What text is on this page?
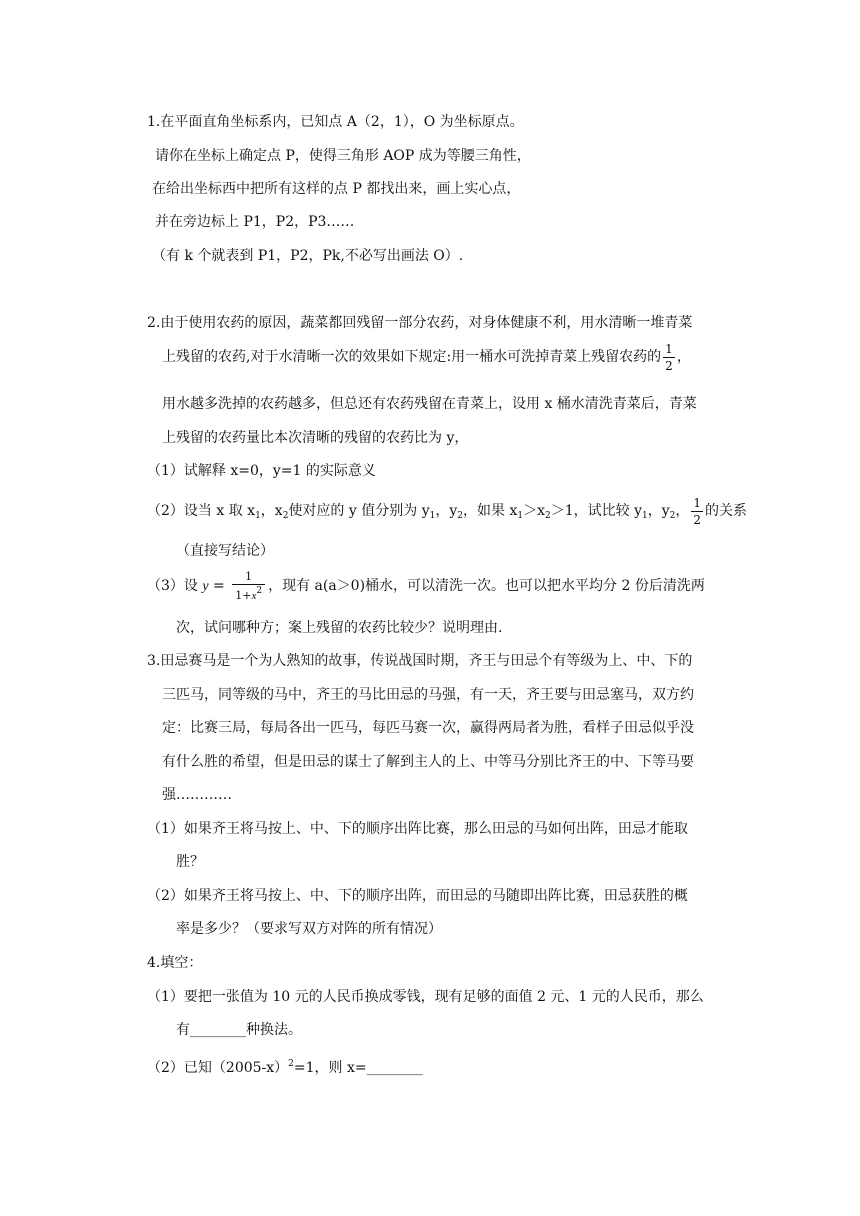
1.在平面直角坐标系内，已知点 A（2，1），O 为坐标原点。
请你在坐标上确定点 P，使得三角形 AOP 成为等腰三角性，
在给出坐标西中把所有这样的点 P 都找出来，画上实心点，
并在旁边标上 P1，P2，P3……
（有 k 个就表到 P1，P2，Pk,不必写出画法 O）.
2.由于使用农药的原因，蔬菜都回残留一部分农药，对身体健康不利，用水清晰一堆青菜
上残留的农药,对于水清晰一次的效果如下规定:用一桶水可洗掉青菜上残留农药的 $\frac{1}{2}$ ，
用水越多洗掉的农药越多，但总还有农药残留在青菜上，设用 x 桶水清洗青菜后，青菜
上残留的农药量比本次清晰的残留的农药比为 y，
（1）试解释 x=0，y=1 的实际意义
（2）设当 x 取 $x_1$，$x_2$使对应的 y 值分别为 $y_1$，$y_2$，如果 $x_1>x_2>1$，试比较 $y_1$，$y_2$， $\frac{1}{2}$ 的关系
（直接写结论）
（3）设 $y = \frac{1}{1+x^2}$ ，现有 a(a＞0)桶水，可以清洗一次。也可以把水平均分 2 份后清洗两
次，试问哪种方；案上残留的农药比较少？说明理由.
3.田忌赛马是一个为人熟知的故事，传说战国时期，齐王与田忌个有等级为上、中、下的
三匹马，同等级的马中，齐王的马比田忌的马强，有一天，齐王要与田忌塞马，双方约
定：比赛三局，每局各出一匹马，每匹马赛一次，赢得两局者为胜，看样子田忌似乎没
有什么胜的希望，但是田忌的谋士了解到主人的上、中等马分别比齐王的中、下等马要
强…………
（1）如果齐王将马按上、中、下的顺序出阵比赛，那么田忌的马如何出阵，田忌才能取
胜？
（2）如果齐王将马按上、中、下的顺序出阵，而田忌的马随即出阵比赛，田忌获胜的概
率是多少？（要求写双方对阵的所有情况）
4.填空：
（1）要把一张值为 10 元的人民币换成零钱，现有足够的面值 2 元、1 元的人民币，那么
有________种换法。
（2）已知$(2005-x)^2=1$，则 x=________
